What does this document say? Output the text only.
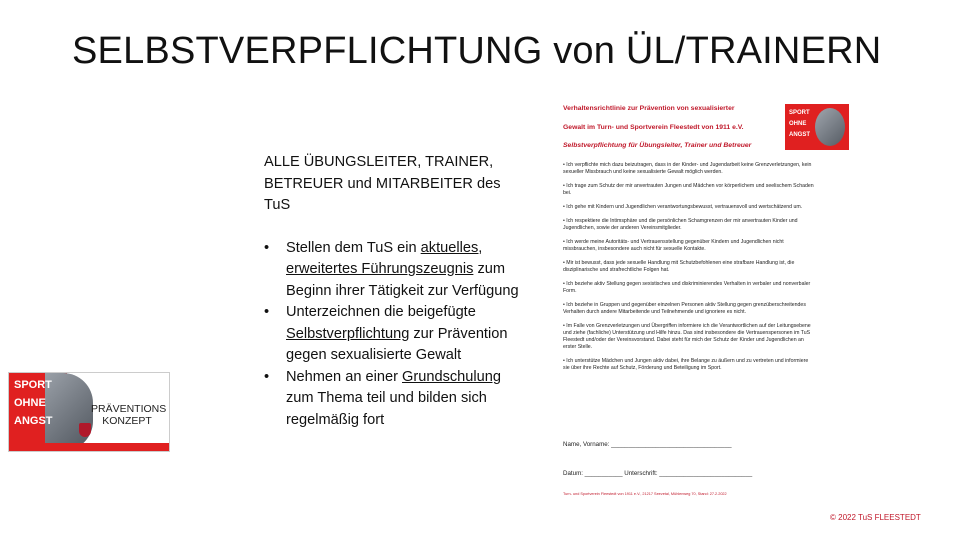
SELBSTVERPFLICHTUNG von ÜL/TRAINERN

ALLE ÜBUNGSLEITER, TRAINER, BETREUER und MITARBEITER des TuS

• Stellen dem TuS ein aktuelles, erweitertes Führungszeugnis zum Beginn ihrer Tätigkeit zur Verfügung
• Unterzeichnen die beigefügte Selbstverpflichtung zur Prävention gegen sexualisierte Gewalt
• Nehmen an einer Grundschulung zum Thema teil und bilden sich regelmäßig fort
SPORT
OHNE
ANGST
PRÄVENTIONS
KONZEPT
Verhaltensrichtlinie zur Prävention von sexualisierter
Gewalt im Turn- und Sportverein Fleestedt von 1911 e.V.
Selbstverpflichtung für Übungsleiter, Trainer und Betreuer
SPORT
OHNE
ANGST
• Ich verpflichte mich dazu beizutragen, dass in der Kinder- und Jugendarbeit keine Grenzverletzungen, kein sexueller Missbrauch und keine sexualisierte Gewalt möglich werden.
• Ich trage zum Schutz der mir anvertrauten Jungen und Mädchen vor körperlichem und seelischem Schaden bei.
• Ich gehe mit Kindern und Jugendlichen verantwortungsbewusst, vertrauensvoll und wertschätzend um.
• Ich respektiere die Intimsphäre und die persönlichen Schamgrenzen der mir anvertrauten Kinder und Jugendlichen, sowie der anderen Vereinsmitglieder.
• Ich werde meine Autoritäts- und Vertrauensstellung gegenüber Kindern und Jugendlichen nicht missbrauchen, insbesondere auch nicht für sexuelle Kontakte.
• Mir ist bewusst, dass jede sexuelle Handlung mit Schutzbefohlenen eine strafbare Handlung ist, die disziplinarische und strafrechtliche Folgen hat.
• Ich beziehe aktiv Stellung gegen sexistisches und diskriminierendes Verhalten in verbaler und nonverbaler Form.
• Ich beziehe in Gruppen und gegenüber einzelnen Personen aktiv Stellung gegen grenzüberschreitendes Verhalten durch andere Mitarbeitende und Teilnehmende und ignoriere es nicht.
• Im Falle von Grenzverletzungen und Übergriffen informiere ich die Verantwortlichen auf der Leitungsebene und ziehe (fachliche) Unterstützung und Hilfe hinzu. Das sind insbesondere die Vertrauenspersonen im TuS Fleestedt und/oder der Vereinsvorstand. Dabei steht für mich der Schutz der Kinder und Jugendlichen an erster Stelle.
• Ich unterstütze Mädchen und Jungen aktiv dabei, ihre Belange zu äußern und zu vertreten und informiere sie über ihre Rechte auf Schutz, Förderung und Beteiligung im Sport.
Name, Vorname: ___________________________________
Datum: ___________ Unterschrift: ___________________________
Turn- und Sportverein Fleestedt von 1911 e.V., 21217 Seevetal, Mühlenweg 70, Stand: 27.2.2022
© 2022 TuS FLEESTEDT
